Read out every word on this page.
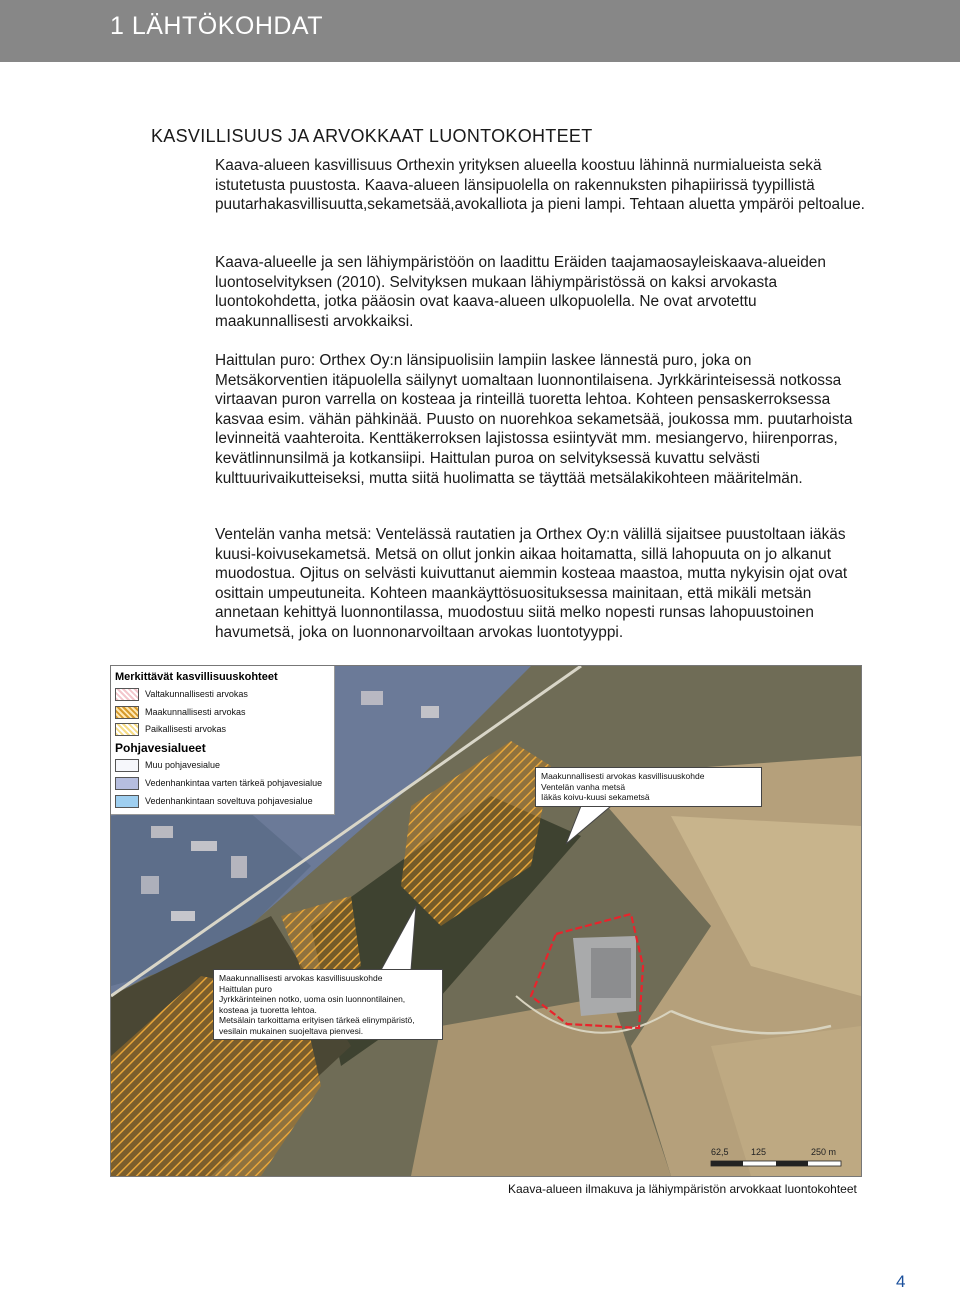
1 LÄHTÖKOHDAT
KASVILLISUUS JA ARVOKKAAT LUONTOKOHTEET

Kaava-alueen kasvillisuus Orthexin yrityksen alueella koostuu lähinnä nurmialueista sekä istutetusta puustosta. Kaava-alueen länsipuolella on rakennuksten pihapiirissä tyypillistä puutarhakasvillisuutta,sekametsää,avokalliota ja pieni lampi. Tehtaan aluetta ympäröi peltoalue.

Kaava-alueelle ja sen lähiympäristöön on laadittu Eräiden taajamaosayleiskaava-alueiden luontoselvityksen (2010). Selvityksen mukaan lähiympäristössä on kaksi arvokasta luontokohdetta, jotka pääosin ovat kaava-alueen ulkopuolella. Ne ovat arvotettu maakunnallisesti arvokkaiksi.

Haittulan puro: Orthex Oy:n länsipuolisiin lampiin laskee lännestä puro, joka on Metsäkorventien itäpuolella säilynyt uomaltaan luonnontilaisena. Jyrkkärinteisessä notkossa virtaavan puron varrella on kosteaa ja rinteillä tuoretta lehtoa. Kohteen pensaskerroksessa kasvaa esim. vähän pähkinää. Puusto on nuorehkoa sekametsää, joukossa mm. puutarhoista levinneitä vaahteroita. Kenttäkerroksen lajistossa esiintyvät mm. mesiangervo, hiirenporras, kevätlinnunsilmä ja kotkansiipi. Haittulan puroa on selvityksessä kuvattu selvästi kulttuurivaikutteiseksi, mutta siitä huolimatta se täyttää metsälakikohteen määritelmän.

Ventelän vanha metsä: Ventelässä rautatien ja Orthex Oy:n välillä sijaitsee puustoltaan iäkäs kuusi-koivusekametsä. Metsä on ollut jonkin aikaa hoitamatta, sillä lahopuuta on jo alkanut muodostua. Ojitus on selvästi kuivuttanut aiemmin kosteaa maastoa, mutta nykyisin ojat ovat osittain umpeutuneita. Kohteen maankäyttösuosituksessa mainitaan, että mikäli metsän annetaan kehittyä luonnontilassa, muodostuu siitä melko nopesti runsas lahopuustoinen havumetsä, joka on luonnonarvoiltaan arvokas luontotyyppi.

Merkittävät kasvillisuuskohteet
Valtakunnallisesti arvokas
Maakunnallisesti arvokas
Paikallisesti arvokas
Pohjavesialueet
Muu pohjavesialue
Vedenhankintaa varten tärkeä pohjavesialue
Vedenhankintaan soveltuva pohjavesialue
Maakunnallisesti arvokas kasvillisuuskohde
Ventelän vanha metsä
Iäkäs koivu-kuusi sekametsä
Maakunnallisesti arvokas kasvillisuuskohde
Haittulan puro
Jyrkkärinteinen notko, uoma osin luonnontilainen,
kosteaa ja tuoretta lehtoa.
Metsälain tarkoittama erityisen tärkeä elinympäristö,
vesilain mukainen suojeltava pienvesi.
62,5 125	250 m
Kaava-alueen ilmakuva ja lähiympäristön arvokkaat luontokohteet
4
